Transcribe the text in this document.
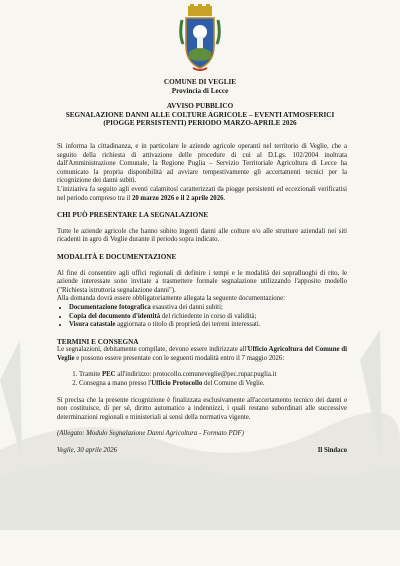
COMUNE DI VEGLIE
Provincia di Lecce
AVVISO PUBBLICO
SEGNALAZIONE DANNI ALLE COLTURE AGRICOLE – EVENTI ATMOSFERICI
(PIOGGE PERSISTENTI) PERIODO MARZO-APRILE 2026

Si informa la cittadinanza, e in particolare le aziende agricole operanti nel territorio di Veglie, che a seguito della richiesta di attivazione delle procedure di cui al D.Lgs. 102/2004 inoltrata dall'Amministrazione Comunale, la Regione Puglia – Servizio Territoriale Agricoltura di Lecce ha comunicato la propria disponibilità ad avviare tempestivamente gli accertamenti tecnici per la ricognizione dei danni subiti.

L'iniziativa fa seguito agli eventi calamitosi caratterizzati da piogge persistenti ed eccezionali verificatisi nel periodo compreso tra il 20 marzo 2026 e il 2 aprile 2026.

CHI PUÒ PRESENTARE LA SEGNALAZIONE

Tutte le aziende agricole che hanno subito ingenti danni alle colture e/o alle strutture aziendali nei siti ricadenti in agro di Veglie durante il periodo sopra indicato.

MODALITÀ E DOCUMENTAZIONE

Al fine di consentire agli uffici regionali di definire i tempi e le modalità dei sopralluoghi di rito, le aziende interessate sono invitate a trasmettere formale segnalazione utilizzando l'apposito modello ("Richiesta istruttoria segnalazione danni").

Alla domanda dovrà essere obbligatoriamente allegata la seguente documentazione:

• Documentazione fotografica esaustiva dei danni subiti;
• Copia del documento d'identità del richiedente in corso di validità;
• Visura catastale aggiornata o titolo di proprietà dei terreni interessati.
TERMINI E CONSEGNA

Le segnalazioni, debitamente compilate, devono essere indirizzate all'Ufficio Agricoltura del Comune di Veglie e possono essere presentate con le seguenti modalità entro il 7 maggio 2026:

1. Tramite PEC all'indirizzo: protocollo.comuneveglie@pec.rupar.puglia.it
2. Consegna a mano presso l'Ufficio Protocollo del Comune di Veglie.

Si precisa che la presente ricognizione è finalizzata esclusivamente all'accertamento tecnico dei danni e non costituisce, di per sé, diritto automatico a indennizzi, i quali restano subordinati alle successive determinazioni regionali e ministeriali ai sensi della normativa vigente.

(Allegato: Modulo Segnalazione Danni Agricoltura - Formato PDF)

Veglie, 30 aprile 2026	Il Sindaco
